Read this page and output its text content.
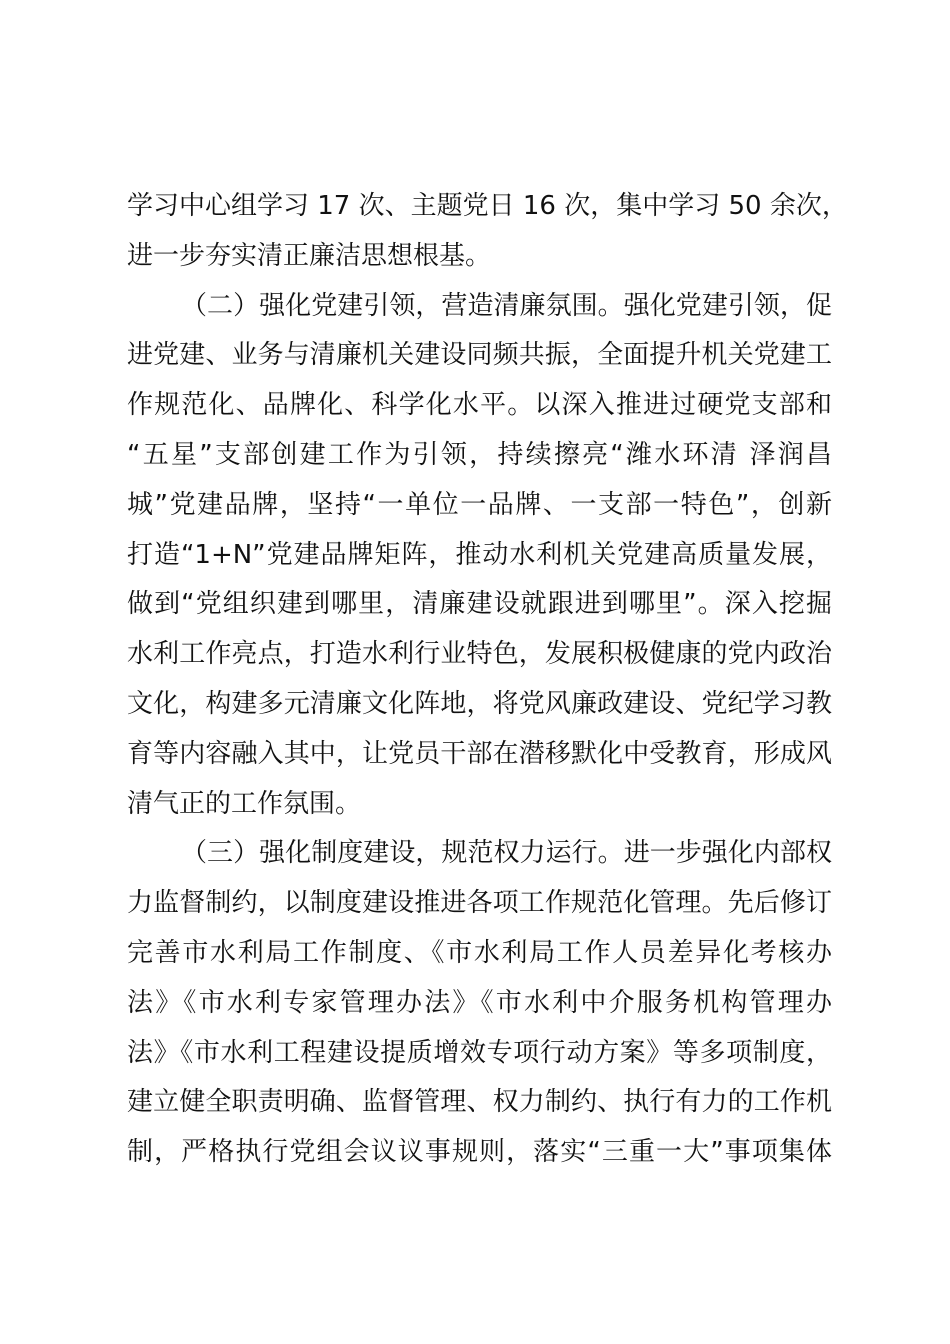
学习中心组学习 17 次、主题党日 16 次，集中学习 50 余次，
进一步夯实清正廉洁思想根基。
（二）强化党建引领，营造清廉氛围。强化党建引领，促
进党建、业务与清廉机关建设同频共振，全面提升机关党建工
作规范化、品牌化、科学化水平。以深入推进过硬党支部和
“五星”支部创建工作为引领，持续擦亮“潍水环清 泽润昌
城”党建品牌，坚持“一单位一品牌、一支部一特色”，创新
打造“1+N”党建品牌矩阵，推动水利机关党建高质量发展，
做到“党组织建到哪里，清廉建设就跟进到哪里”。深入挖掘
水利工作亮点，打造水利行业特色，发展积极健康的党内政治
文化，构建多元清廉文化阵地，将党风廉政建设、党纪学习教
育等内容融入其中，让党员干部在潜移默化中受教育，形成风
清气正的工作氛围。
（三）强化制度建设，规范权力运行。进一步强化内部权
力监督制约，以制度建设推进各项工作规范化管理。先后修订
完善市水利局工作制度、《市水利局工作人员差异化考核办
法》《市水利专家管理办法》《市水利中介服务机构管理办
法》《市水利工程建设提质增效专项行动方案》等多项制度，
建立健全职责明确、监督管理、权力制约、执行有力的工作机
制，严格执行党组会议议事规则，落实“三重一大”事项集体
